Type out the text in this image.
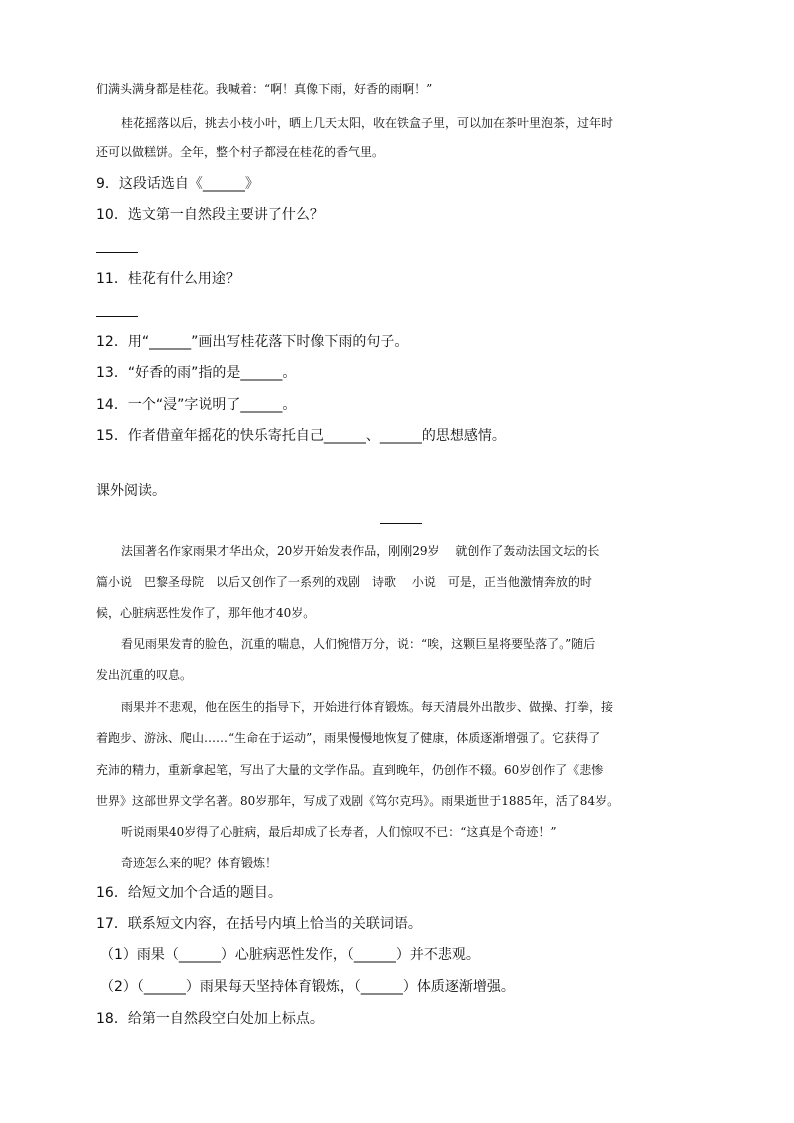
们满头满身都是桂花。我喊着：“啊！真像下雨，好香的雨啊！”
桂花摇落以后，挑去小枝小叶，晒上几天太阳，收在铁盒子里，可以加在茶叶里泡茶，过年时
还可以做糕饼。全年，整个村子都浸在桂花的香气里。
9．这段话选自《______》
10．选文第一自然段主要讲了什么？
11．桂花有什么用途？
12．用“______”画出写桂花落下时像下雨的句子。
13．“好香的雨”指的是______。
14．一个“浸”字说明了______。
15．作者借童年摇花的快乐寄托自己______、______的思想感情。
课外阅读。
法国著名作家雨果才华出众，20岁开始发表作品，刚刚29岁　 就创作了轰动法国文坛的长
篇小说　巴黎圣母院　以后又创作了一系列的戏剧　诗歌　 小说　可是，正当他激情奔放的时
候，心脏病恶性发作了，那年他才40岁。
看见雨果发青的脸色，沉重的喘息，人们惋惜万分，说：“唉，这颗巨星将要坠落了。”随后
发出沉重的叹息。
雨果并不悲观，他在医生的指导下，开始进行体育锻炼。每天清晨外出散步、做操、打拳，接
着跑步、游泳、爬山……“生命在于运动”，雨果慢慢地恢复了健康，体质逐渐增强了。它获得了
充沛的精力，重新拿起笔，写出了大量的文学作品。直到晚年，仍创作不辍。60岁创作了《悲惨
世界》这部世界文学名著。80岁那年，写成了戏剧《笃尔克玛》。雨果逝世于1885年，活了84岁。
听说雨果40岁得了心脏病，最后却成了长寿者，人们惊叹不已：“这真是个奇迹！”
奇迹怎么来的呢？体育锻炼！
16．给短文加个合适的题目。
17．联系短文内容，在括号内填上恰当的关联词语。
（1）雨果（______）心脏病恶性发作，（______）并不悲观。
（2）（______）雨果每天坚持体育锻炼，（______）体质逐渐增强。
18．给第一自然段空白处加上标点。
